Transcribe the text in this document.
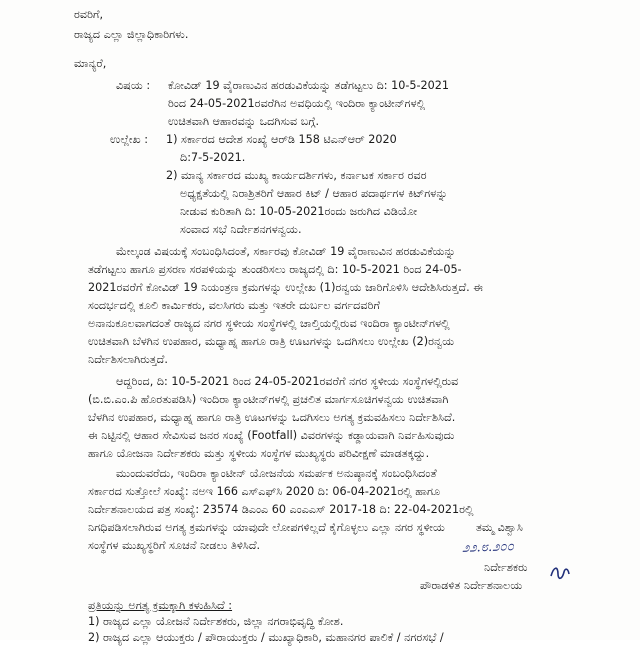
ರವರಿಗೆ,
ರಾಜ್ಯದ ಎಲ್ಲಾ ಜಿಲ್ಲಾಧಿಕಾರಿಗಳು.
ಮಾನ್ಯರೆ,
ವಿಷಯ : ಕೋವಿಡ್ 19 ವೈರಾಣುವಿನ ಹರಡುವಿಕೆಯನ್ನು ತಡೆಗಟ್ಟಲು ದಿ: 10-5-2021
ರಿಂದ 24-05-2021ರವರೆಗಿನ ಅವಧಿಯಲ್ಲಿ ಇಂದಿರಾ ಕ್ಯಾಂಟೀನ್‌ಗಳಲ್ಲಿ
ಉಚಿತವಾಗಿ ಆಹಾರವನ್ನು ಒದಗಿಸುವ ಬಗ್ಗೆ.
ಉಲ್ಲೇಖ : 1) ಸರ್ಕಾರದ ಆದೇಶ ಸಂಖ್ಯೆ ಆರ್‌ಡಿ 158 ಟಿಎನ್‌ಆರ್ 2020
ದಿ:7-5-2021.
2) ಮಾನ್ಯ ಸರ್ಕಾರದ ಮುಖ್ಯ ಕಾರ್ಯದರ್ಶಿಗಳು, ಕರ್ನಾಟಕ ಸರ್ಕಾರ ರವರ
ಅಧ್ಯಕ್ಷತೆಯಲ್ಲಿ ನಿರಾಶ್ರಿತರಿಗೆ ಆಹಾರ ಕಿಟ್ / ಆಹಾರ ಪದಾರ್ಥಗಳ ಕಿಟ್‌ಗಳನ್ನು
ನೀಡುವ ಕುರಿತಾಗಿ ದಿ: 10-05-2021ರಂದು ಜರುಗಿದ ವಿಡಿಯೋ
ಸಂವಾದ ಸಭೆ ನಿರ್ದೇಶನಗಳನ್ವಯ.
ಮೇಲ್ಕಂಡ ವಿಷಯಕ್ಕೆ ಸಂಬಂಧಿಸಿದಂತೆ, ಸರ್ಕಾರವು ಕೋವಿಡ್ 19 ವೈರಾಣುವಿನ ಹರಡುವಿಕೆಯನ್ನು
ತಡೆಗಟ್ಟಲು ಹಾಗೂ ಪ್ರಸರಣ ಸರಪಳಿಯನ್ನು ತುಂಡರಿಸಲು ರಾಜ್ಯದಲ್ಲಿ ದಿ: 10-5-2021 ರಿಂದ 24-05-
2021ರವರೆಗೆ ಕೋವಿಡ್ 19 ನಿಯಂತ್ರಣ ಕ್ರಮಗಳನ್ನು ಉಲ್ಲೇಖ (1)ರನ್ವಯ ಜಾರಿಗೊಳಿಸಿ ಆದೇಶಿಸಿರುತ್ತದೆ. ಈ
ಸಂದರ್ಭದಲ್ಲಿ ಕೂಲಿ ಕಾರ್ಮಿಕರು, ವಲಸಿಗರು ಮತ್ತು ಇತರೇ ದುರ್ಬಲ ವರ್ಗದವರಿಗೆ
ಅನಾನುಕೂಲವಾಗದಂತೆ ರಾಜ್ಯದ ನಗರ ಸ್ಥಳೀಯ ಸಂಸ್ಥೆಗಳಲ್ಲಿ ಚಾಲ್ತಿಯಲ್ಲಿರುವ ಇಂದಿರಾ ಕ್ಯಾಂಟೀನ್‌ಗಳಲ್ಲಿ
ಉಚಿತವಾಗಿ ಬೆಳಗಿನ ಉಪಹಾರ, ಮಧ್ಯಾಹ್ನ ಹಾಗೂ ರಾತ್ರಿ ಊಟಗಳನ್ನು ಒದಗಿಸಲು ಉಲ್ಲೇಖ (2)ರನ್ವಯ
ನಿರ್ದೇಶಿಸಲಾಗಿರುತ್ತದೆ.
ಆದ್ದರಿಂದ, ದಿ: 10-5-2021 ರಿಂದ 24-05-2021ರವರೆಗೆ ನಗರ ಸ್ಥಳೀಯ ಸಂಸ್ಥೆಗಳಲ್ಲಿರುವ
(ಬಿ.ಬಿ.ಎಂ.ಪಿ ಹೊರತುಪಡಿಸಿ) ಇಂದಿರಾ ಕ್ಯಾಂಟೀನ್‌ಗಳಲ್ಲಿ ಪ್ರಚಲಿತ ಮಾರ್ಗಸೂಚಿಗಳನ್ವಯ ಉಚಿತವಾಗಿ
ಬೆಳಗಿನ ಉಪಹಾರ, ಮಧ್ಯಾಹ್ನ ಹಾಗೂ ರಾತ್ರಿ ಊಟಗಳನ್ನು ಒದಗಿಸಲು ಅಗತ್ಯ ಕ್ರಮವಹಿಸಲು ನಿರ್ದೇಶಿಸಿದೆ.
ಈ ನಿಟ್ಟಿನಲ್ಲಿ ಆಹಾರ ಸೇವಿಸುವ ಜನರ ಸಂಖ್ಯೆ (Footfall) ವಿವರಗಳನ್ನು ಕಡ್ಡಾಯವಾಗಿ ನಿರ್ವಹಿಸುವುದು
ಹಾಗೂ ಯೋಜನಾ ನಿರ್ದೇಶಕರು ಮತ್ತು ಸ್ಥಳೀಯ ಸಂಸ್ಥೆಗಳ ಮುಖ್ಯಸ್ಥರು ಪರಿವೀಕ್ಷಣೆ ಮಾಡತಕ್ಕದ್ದು.
ಮುಂದುವರೆದು, ಇಂದಿರಾ ಕ್ಯಾಂಟೀನ್ ಯೋಜನೆಯ ಸಮರ್ಪಕ ಅನುಷ್ಠಾನಕ್ಕೆ ಸಂಬಂಧಿಸಿದಂತೆ
ಸರ್ಕಾರದ ಸುತ್ತೋಲೆ ಸಂಖ್ಯೆ: ನಅಇ 166 ಎಸ್‌ಎಫ್‌ಸಿ 2020 ದಿ: 06-04-2021ರಲ್ಲಿ ಹಾಗೂ
ನಿರ್ದೇಶನಾಲಯದ ಪತ್ರ ಸಂಖ್ಯೆ: 23574 ಡಿಎಂಎ 60 ಎಂಎಎಸ್ 2017-18 ದಿ: 22-04-2021ರಲ್ಲಿ
ನಿಗಧಿಪಡಿಸಲಾಗಿರುವ ಅಗತ್ಯ ಕ್ರಮಗಳನ್ನು ಯಾವುದೇ ಲೋಪಗಳಿಲ್ಲದೆ ಕೈಗೊಳ್ಳಲು ಎಲ್ಲಾ ನಗರ ಸ್ಥಳೀಯ
ಸಂಸ್ಥೆಗಳ ಮುಖ್ಯಸ್ಥರಿಗೆ ಸೂಚನೆ ನೀಡಲು ತಿಳಿಸಿದೆ.
ತಮ್ಮ ವಿಶ್ವಾಸಿ
೨೨.೮.೨೦೦
ನಿರ್ದೇಶಕರು
ಪೌರಾಡಳಿತ ನಿರ್ದೇಶನಾಲಯ
ಪ್ರತಿಯನ್ನು ಅಗತ್ಯ ಕ್ರಮಕ್ಕಾಗಿ ಕಳುಹಿಸಿದೆ :
1) ರಾಜ್ಯದ ಎಲ್ಲಾ ಯೋಜನೆ ನಿರ್ದೇಶಕರು, ಜಿಲ್ಲಾ ನಗರಾಭಿವೃದ್ಧಿ ಕೋಶ.
2) ರಾಜ್ಯದ ಎಲ್ಲಾ ಆಯುಕ್ತರು / ಪೌರಾಯುಕ್ತರು / ಮುಖ್ಯಾಧಿಕಾರಿ, ಮಹಾನಗರ ಪಾಲಿಕೆ / ನಗರಸಭೆ /
